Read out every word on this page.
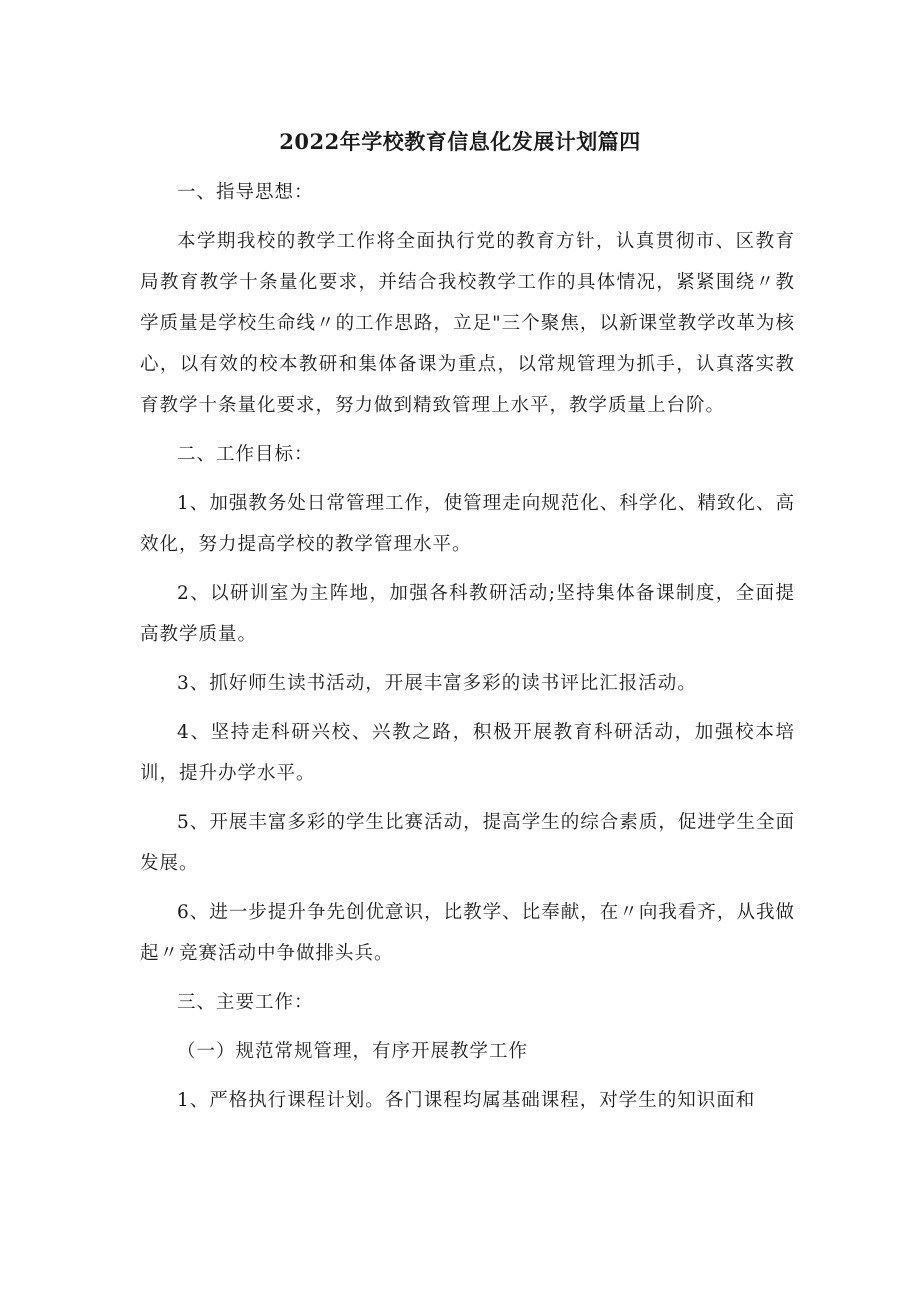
2022年学校教育信息化发展计划篇四

一、指导思想：

本学期我校的教学工作将全面执行党的教育方针，认真贯彻市、区教育局教育教学十条量化要求，并结合我校教学工作的具体情况，紧紧围绕〃教学质量是学校生命线〃的工作思路，立足"三个聚焦，以新课堂教学改革为核心，以有效的校本教研和集体备课为重点，以常规管理为抓手，认真落实教育教学十条量化要求，努力做到精致管理上水平，教学质量上台阶。

二、工作目标：

1、加强教务处日常管理工作，使管理走向规范化、科学化、精致化、高效化，努力提高学校的教学管理水平。

2、以研训室为主阵地，加强各科教研活动;坚持集体备课制度，全面提高教学质量。

3、抓好师生读书活动，开展丰富多彩的读书评比汇报活动。

4、坚持走科研兴校、兴教之路，积极开展教育科研活动，加强校本培训，提升办学水平。

5、开展丰富多彩的学生比赛活动，提高学生的综合素质，促进学生全面发展。

6、进一步提升争先创优意识，比教学、比奉献，在〃向我看齐，从我做起〃竞赛活动中争做排头兵。

三、主要工作：

（一）规范常规管理，有序开展教学工作

1、严格执行课程计划。各门课程均属基础课程，对学生的知识面和
